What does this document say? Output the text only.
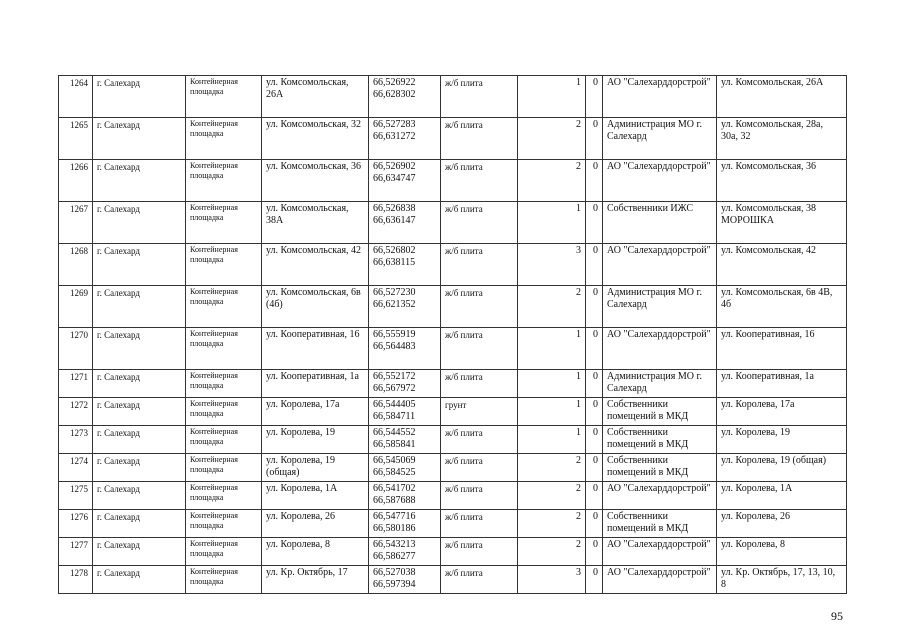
1264	г. Салехард	Контейнерная площадка	ул. Комсомольская, 26А	66,526922
66,628302	ж/б плита	1	0	АО "Салехарддорстрой"	ул. Комсомольская, 26А
1265	г. Салехард	Контейнерная площадка	ул. Комсомольская, 32	66,527283
66,631272	ж/б плита	2	0	Администрация МО г. Салехард	ул. Комсомольская, 28а, 30а, 32
1266	г. Салехард	Контейнерная площадка	ул. Комсомольская, 36	66,526902
66,634747	ж/б плита	2	0	АО "Салехарддорстрой"	ул. Комсомольская, 36
1267	г. Салехард	Контейнерная площадка	ул. Комсомольская, 38А	66,526838
66,636147	ж/б плита	1	0	Собственники ИЖС	ул. Комсомольская, 38 МОРОШКА
1268	г. Салехард	Контейнерная площадка	ул. Комсомольская, 42	66,526802
66,638115	ж/б плита	3	0	АО "Салехарддорстрой"	ул. Комсомольская, 42
1269	г. Салехард	Контейнерная площадка	ул. Комсомольская, 6в (4б)	66,527230
66,621352	ж/б плита	2	0	Администрация МО г. Салехард	ул. Комсомольская, 6в 4В, 4б
1270	г. Салехард	Контейнерная площадка	ул. Кооперативная, 16	66,555919
66,564483	ж/б плита	1	0	АО "Салехарддорстрой"	ул. Кооперативная, 16
1271	г. Салехард	Контейнерная площадка	ул. Кооперативная, 1а	66,552172
66,567972	ж/б плита	1	0	Администрация МО г. Салехард	ул. Кооперативная, 1а
1272	г. Салехард	Контейнерная площадка	ул. Королева, 17а	66,544405
66,584711	грунт	1	0	Собственники помещений в МКД	ул. Королева, 17а
1273	г. Салехард	Контейнерная площадка	ул. Королева, 19	66,544552
66,585841	ж/б плита	1	0	Собственники помещений в МКД	ул. Королева, 19
1274	г. Салехард	Контейнерная площадка	ул. Королева, 19 (общая)	66,545069
66,584525	ж/б плита	2	0	Собственники помещений в МКД	ул. Королева, 19 (общая)
1275	г. Салехард	Контейнерная площадка	ул. Королева, 1А	66,541702
66,587688	ж/б плита	2	0	АО "Салехарддорстрой"	ул. Королева, 1А
1276	г. Салехард	Контейнерная площадка	ул. Королева, 26	66,547716
66,580186	ж/б плита	2	0	Собственники помещений в МКД	ул. Королева, 26
1277	г. Салехард	Контейнерная площадка	ул. Королева, 8	66,543213
66,586277	ж/б плита	2	0	АО "Салехарддорстрой"	ул. Королева, 8
1278	г. Салехард	Контейнерная площадка	ул. Кр. Октябрь, 17	66,527038
66,597394	ж/б плита	3	0	АО "Салехарддорстрой"	ул. Кр. Октябрь, 17, 13, 10, 8
95
